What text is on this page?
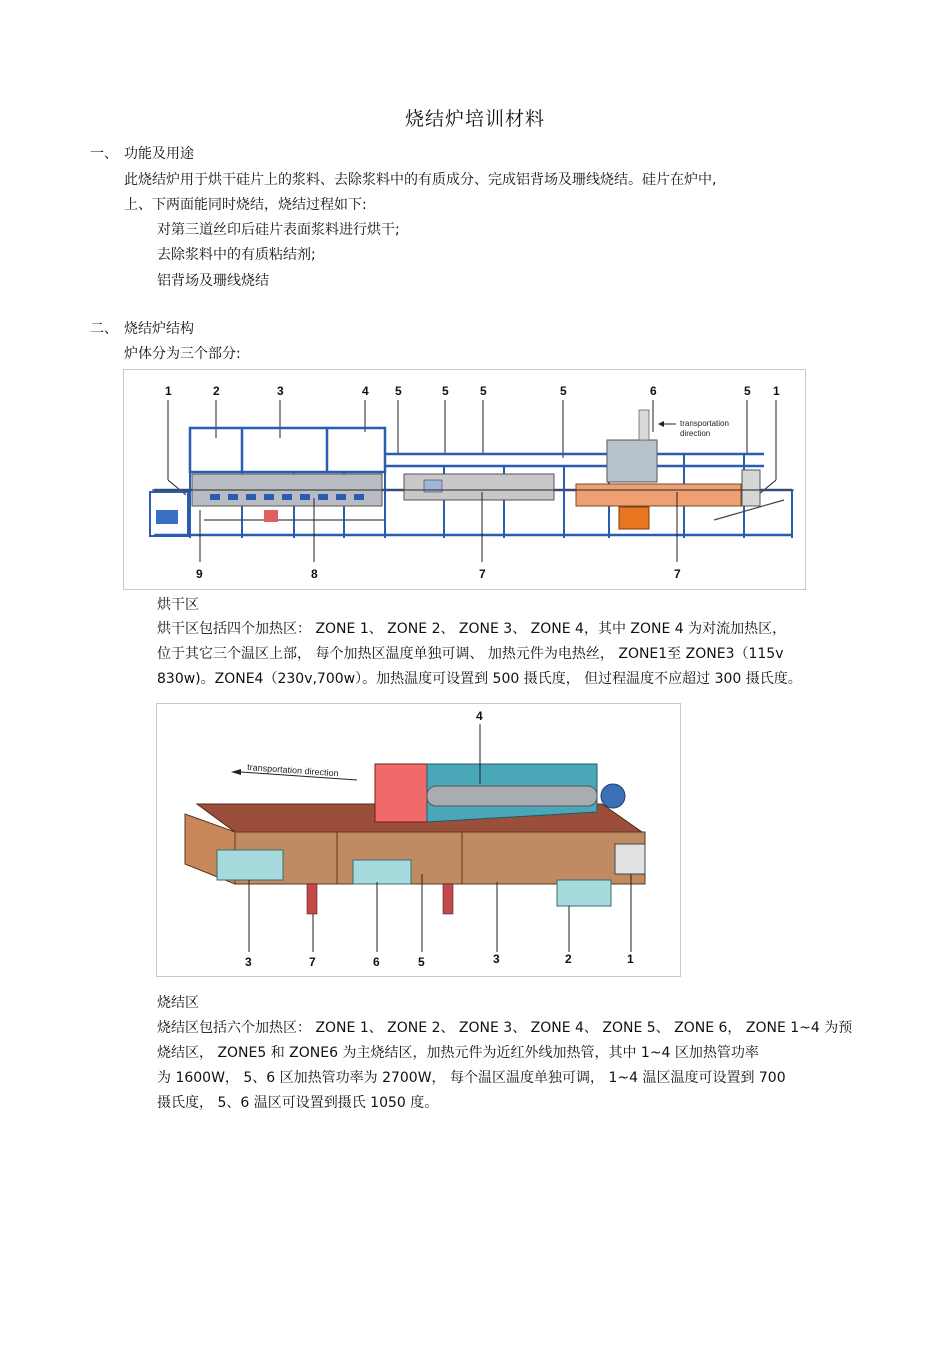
烧结炉培训材料
一、 功能及用途
此烧结炉用于烘干硅片上的浆料、去除浆料中的有质成分、完成铝背场及珊线烧结。硅片在炉中,
上、下两面能同时烧结，烧结过程如下:
对第三道丝印后硅片表面浆料进行烘干;
去除浆料中的有质粘结剂;
铝背场及珊线烧结
二、 烧结炉结构
炉体分为三个部分:
1	2	3	4 5	5	5	5	6	5 1
transportation
direction
9	8	7	7
烘干区
烘干区包括四个加热区： ZONE 1、 ZONE 2、 ZONE 3、 ZONE 4，其中 ZONE 4 为对流加热区，
位于其它三个温区上部， 每个加热区温度单独可调、 加热元件为电热丝， ZONE1至 ZONE3（115v
830w)。ZONE4（230v,700w）。加热温度可设置到 500 摄氏度， 但过程温度不应超过 300 摄氏度。
transportation direction
4
3	7	6	5	3	2	1
烧结区
烧结区包括六个加热区： ZONE 1、 ZONE 2、 ZONE 3、 ZONE 4、 ZONE 5、 ZONE 6， ZONE 1~4 为预
烧结区， ZONE5 和 ZONE6 为主烧结区，加热元件为近红外线加热管，其中 1~4 区加热管功率
为 1600W， 5、6 区加热管功率为 2700W， 每个温区温度单独可调， 1~4 温区温度可设置到 700
摄氏度， 5、6 温区可设置到摄氏 1050 度。
